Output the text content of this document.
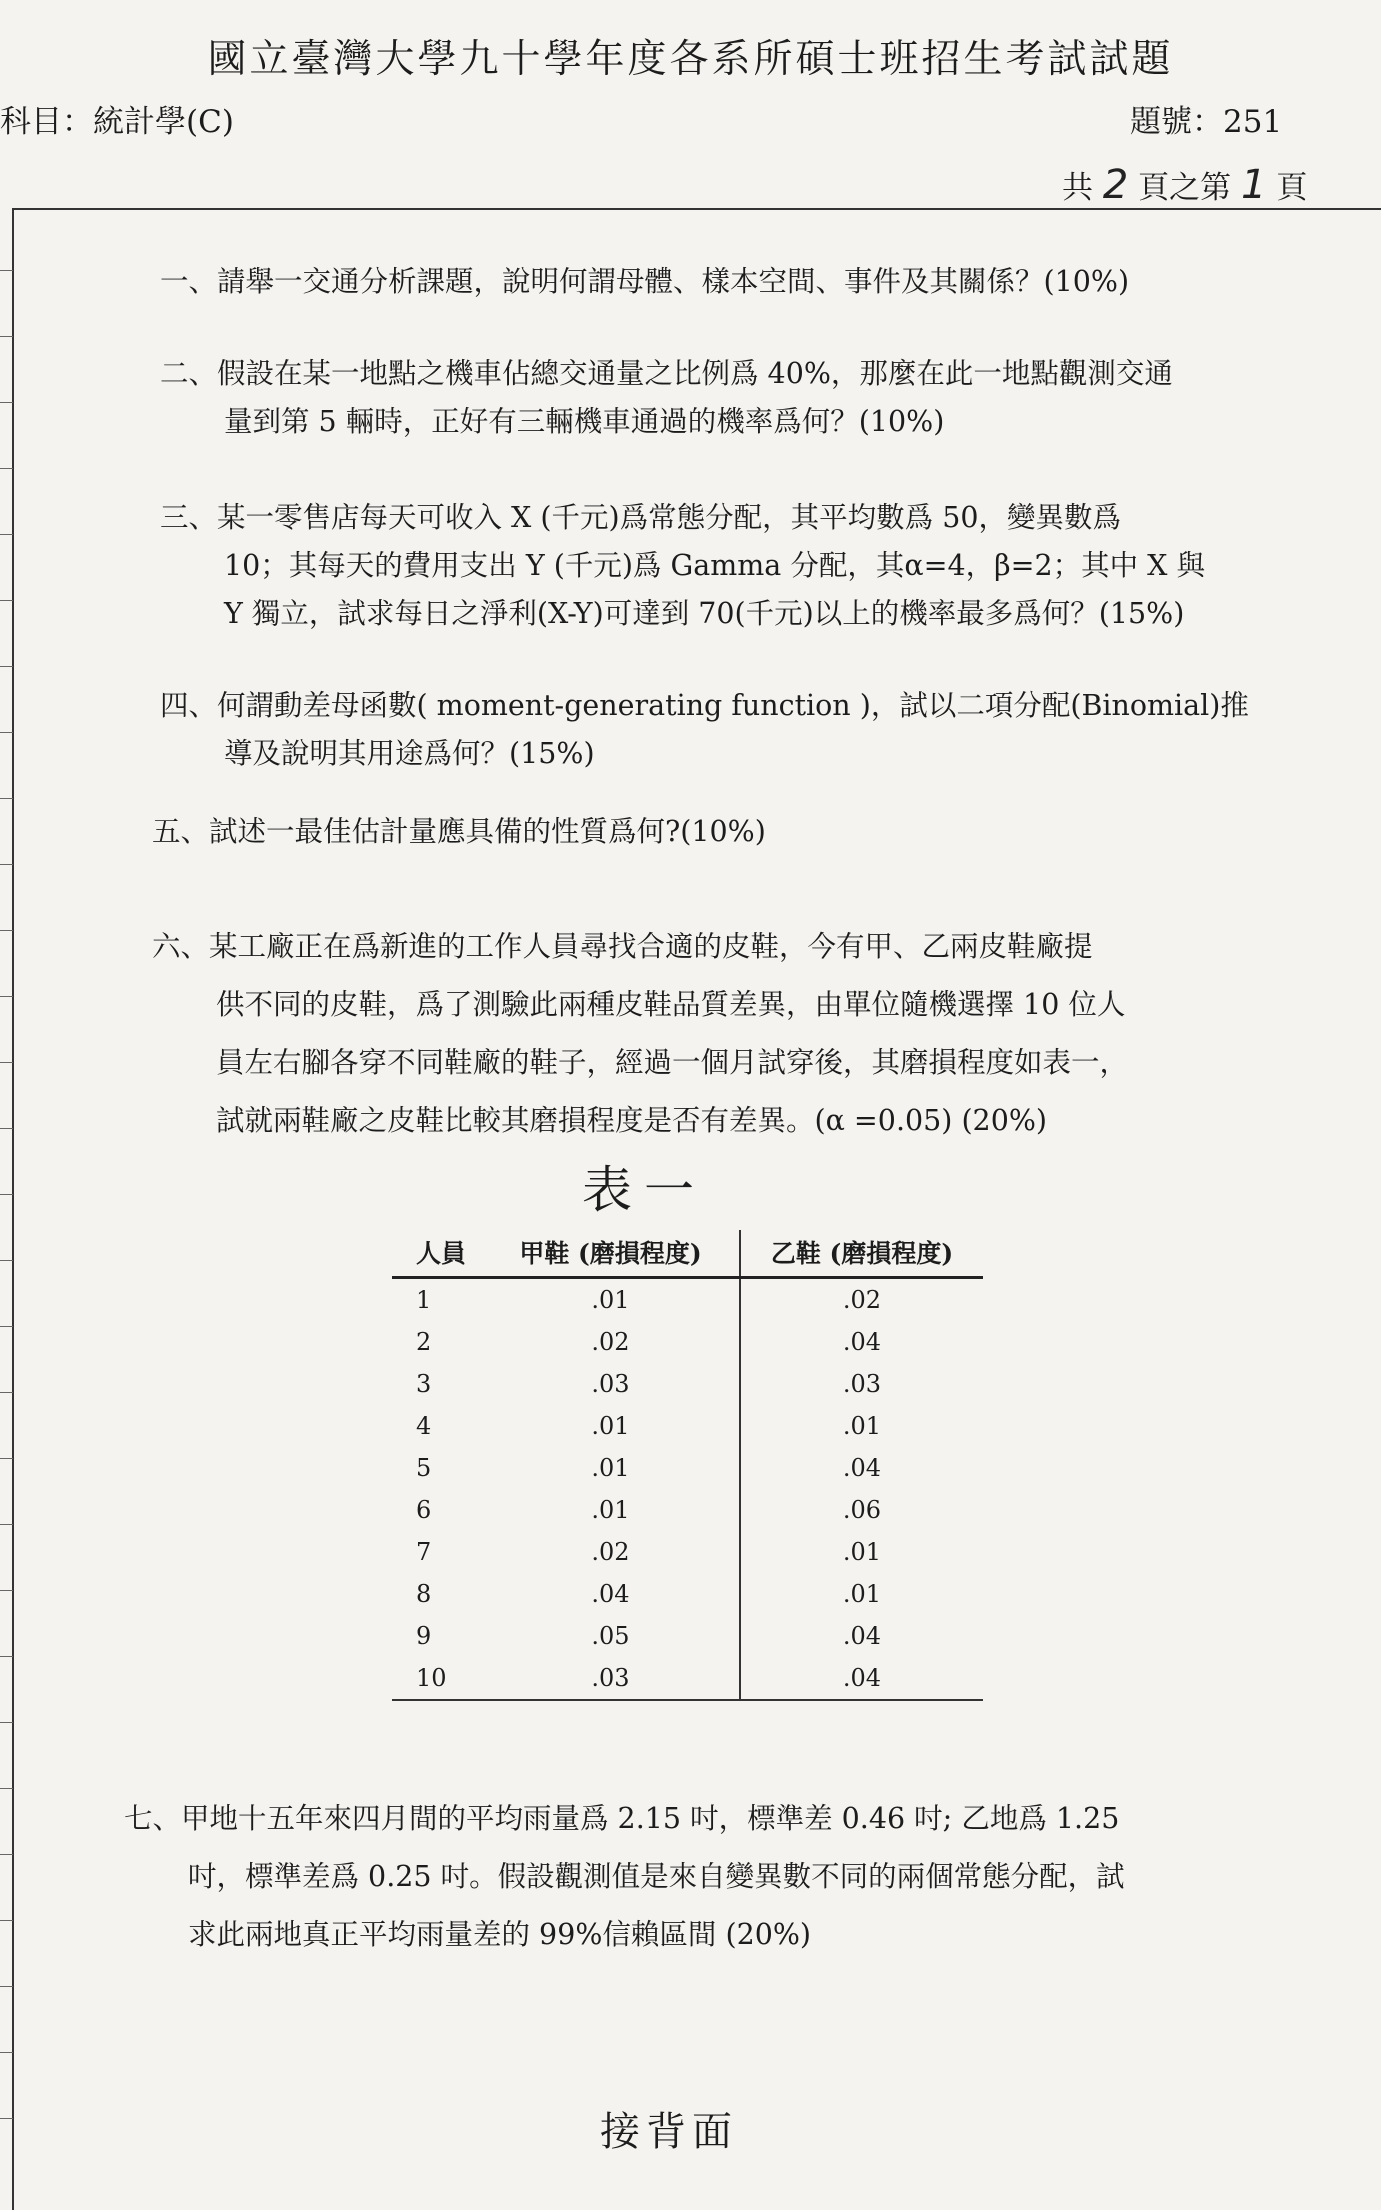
國立臺灣大學九十學年度各系所碩士班招生考試試題
科目：統計學(C)	題號：251
共 2 頁之第 1 頁
一、請舉一交通分析課題，說明何謂母體、樣本空間、事件及其關係？(10%)
二、假設在某一地點之機車佔總交通量之比例爲 40%，那麼在此一地點觀測交通
量到第 5 輛時，正好有三輛機車通過的機率爲何？(10%)
三、某一零售店每天可收入 X (千元)爲常態分配，其平均數爲 50，變異數爲
10；其每天的費用支出 Y (千元)爲 Gamma 分配，其α=4，β=2；其中 X 與
Y 獨立，試求每日之淨利(X-Y)可達到 70(千元)以上的機率最多爲何？(15%)
四、何謂動差母函數( moment-generating function )，試以二項分配(Binomial)推
導及說明其用途爲何？(15%)
五、試述一最佳估計量應具備的性質爲何?(10%)
六、某工廠正在爲新進的工作人員尋找合適的皮鞋，今有甲、乙兩皮鞋廠提
供不同的皮鞋，爲了測驗此兩種皮鞋品質差異，由單位隨機選擇 10 位人
員左右腳各穿不同鞋廠的鞋子，經過一個月試穿後，其磨損程度如表一，
試就兩鞋廠之皮鞋比較其磨損程度是否有差異。(α =0.05) (20%)
表一
人員	甲鞋 (磨損程度)	乙鞋 (磨損程度)
1	.01	.02
2	.02	.04
3	.03	.03
4	.01	.01
5	.01	.04
6	.01	.06
7	.02	.01
8	.04	.01
9	.05	.04
10	.03	.04
七、甲地十五年來四月間的平均雨量爲 2.15 吋，標準差 0.46 吋; 乙地爲 1.25
吋，標準差爲 0.25 吋。假設觀測值是來自變異數不同的兩個常態分配，試
求此兩地真正平均雨量差的 99%信賴區間 (20%)
接背面
